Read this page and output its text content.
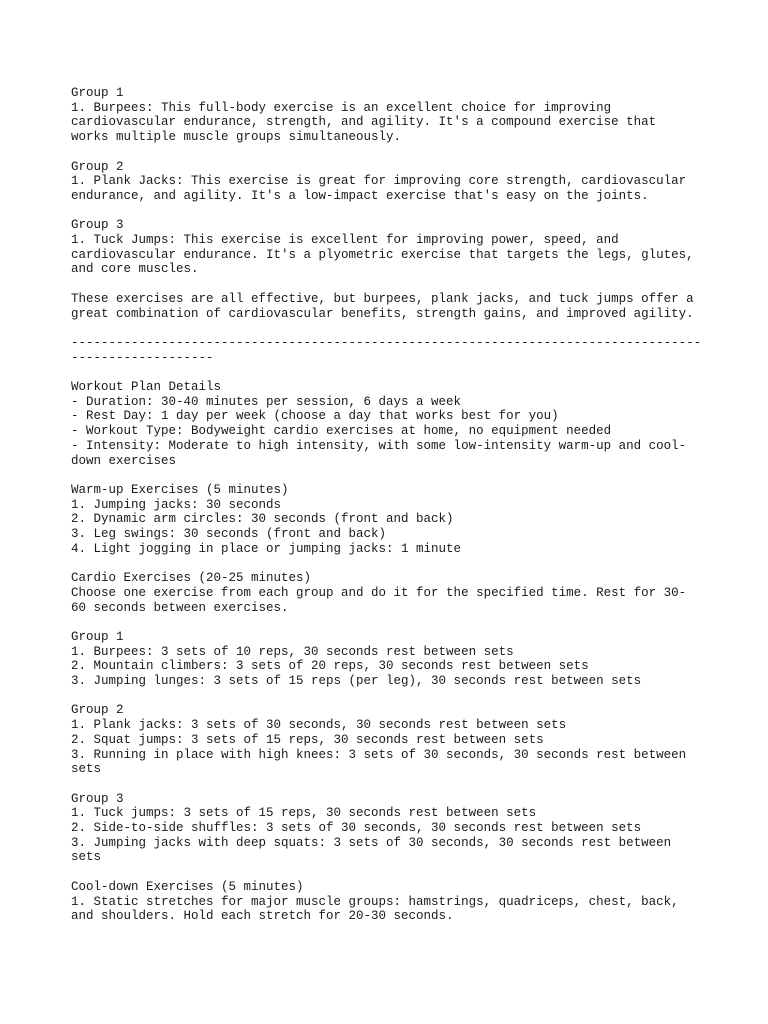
Group 1
1. Burpees: This full-body exercise is an excellent choice for improving
cardiovascular endurance, strength, and agility. It's a compound exercise that
works multiple muscle groups simultaneously.
Group 2
1. Plank Jacks: This exercise is great for improving core strength, cardiovascular
endurance, and agility. It's a low-impact exercise that's easy on the joints.
Group 3
1. Tuck Jumps: This exercise is excellent for improving power, speed, and
cardiovascular endurance. It's a plyometric exercise that targets the legs, glutes,
and core muscles.
These exercises are all effective, but burpees, plank jacks, and tuck jumps offer a
great combination of cardiovascular benefits, strength gains, and improved agility.
------------------------------------------------------------------------------------
-------------------
Workout Plan Details
- Duration: 30-40 minutes per session, 6 days a week
- Rest Day: 1 day per week (choose a day that works best for you)
- Workout Type: Bodyweight cardio exercises at home, no equipment needed
- Intensity: Moderate to high intensity, with some low-intensity warm-up and cool-
down exercises
Warm-up Exercises (5 minutes)
1. Jumping jacks: 30 seconds
2. Dynamic arm circles: 30 seconds (front and back)
3. Leg swings: 30 seconds (front and back)
4. Light jogging in place or jumping jacks: 1 minute
Cardio Exercises (20-25 minutes)
Choose one exercise from each group and do it for the specified time. Rest for 30-
60 seconds between exercises.
Group 1
1. Burpees: 3 sets of 10 reps, 30 seconds rest between sets
2. Mountain climbers: 3 sets of 20 reps, 30 seconds rest between sets
3. Jumping lunges: 3 sets of 15 reps (per leg), 30 seconds rest between sets
Group 2
1. Plank jacks: 3 sets of 30 seconds, 30 seconds rest between sets
2. Squat jumps: 3 sets of 15 reps, 30 seconds rest between sets
3. Running in place with high knees: 3 sets of 30 seconds, 30 seconds rest between
sets
Group 3
1. Tuck jumps: 3 sets of 15 reps, 30 seconds rest between sets
2. Side-to-side shuffles: 3 sets of 30 seconds, 30 seconds rest between sets
3. Jumping jacks with deep squats: 3 sets of 30 seconds, 30 seconds rest between
sets
Cool-down Exercises (5 minutes)
1. Static stretches for major muscle groups: hamstrings, quadriceps, chest, back,
and shoulders. Hold each stretch for 20-30 seconds.
